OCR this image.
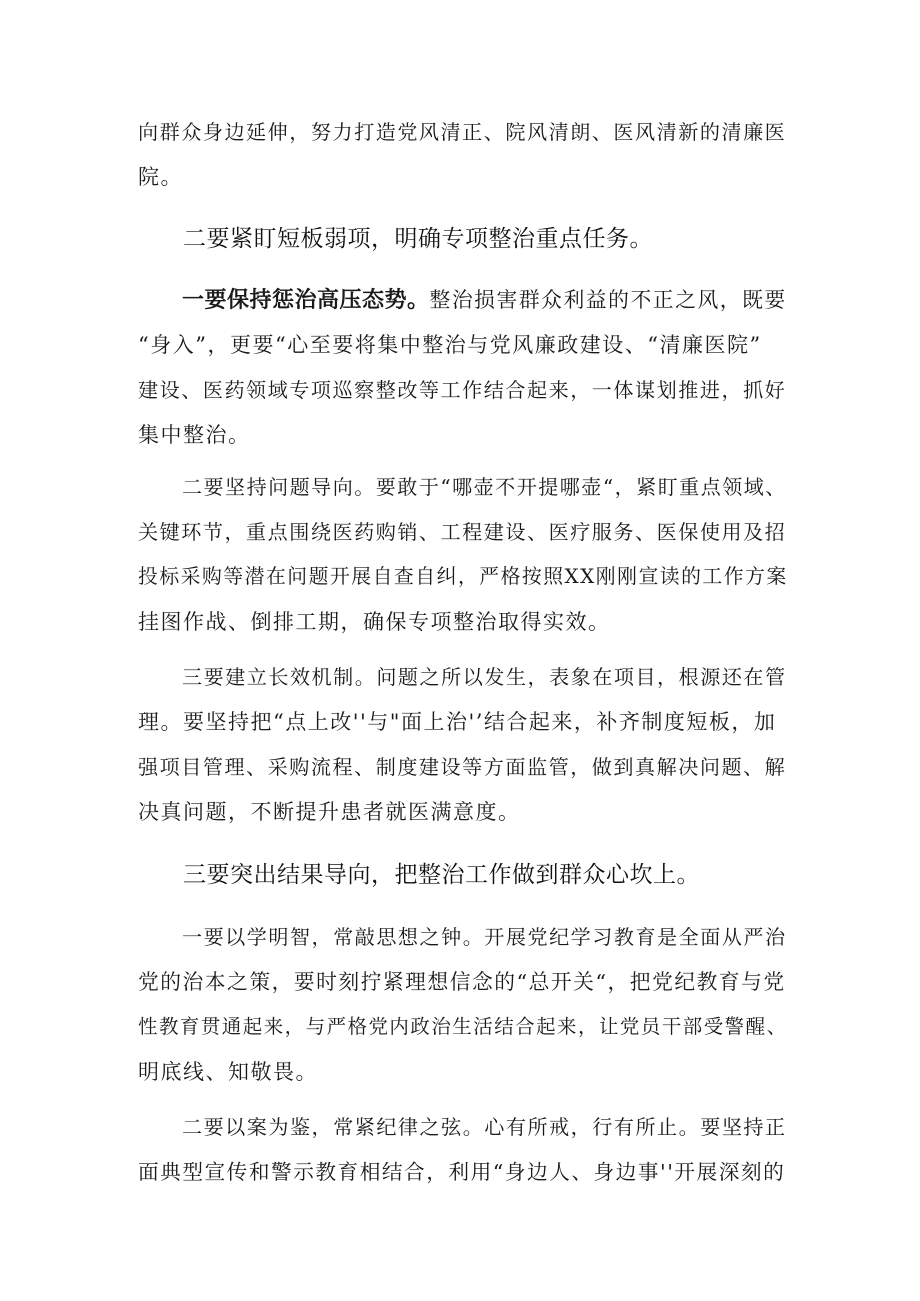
向群众身边延伸，努力打造党风清正、院风清朗、医风清新的清廉医
院。
二要紧盯短板弱项，明确专项整治重点任务。
一要保持惩治高压态势。整治损害群众利益的不正之风，既要
“身入”，更要“心至要将集中整治与党风廉政建设、“清廉医院”
建设、医药领域专项巡察整改等工作结合起来，一体谋划推进，抓好
集中整治。
二要坚持问题导向。要敢于“哪壶不开提哪壶“，紧盯重点领域、
关键环节，重点围绕医药购销、工程建设、医疗服务、医保使用及招
投标采购等潜在问题开展自查自纠，严格按照XX刚刚宣读的工作方案
挂图作战、倒排工期，确保专项整治取得实效。
三要建立长效机制。问题之所以发生，表象在项目，根源还在管
理。要坚持把“点上改''与"面上治'’结合起来，补齐制度短板，加
强项目管理、采购流程、制度建设等方面监管，做到真解决问题、解
决真问题，不断提升患者就医满意度。
三要突出结果导向，把整治工作做到群众心坎上。
一要以学明智，常敲思想之钟。开展党纪学习教育是全面从严治
党的治本之策，要时刻拧紧理想信念的“总开关“，把党纪教育与党
性教育贯通起来，与严格党内政治生活结合起来，让党员干部受警醒、
明底线、知敬畏。
二要以案为鉴，常紧纪律之弦。心有所戒，行有所止。要坚持正
面典型宣传和警示教育相结合，利用“身边人、身边事''开展深刻的
